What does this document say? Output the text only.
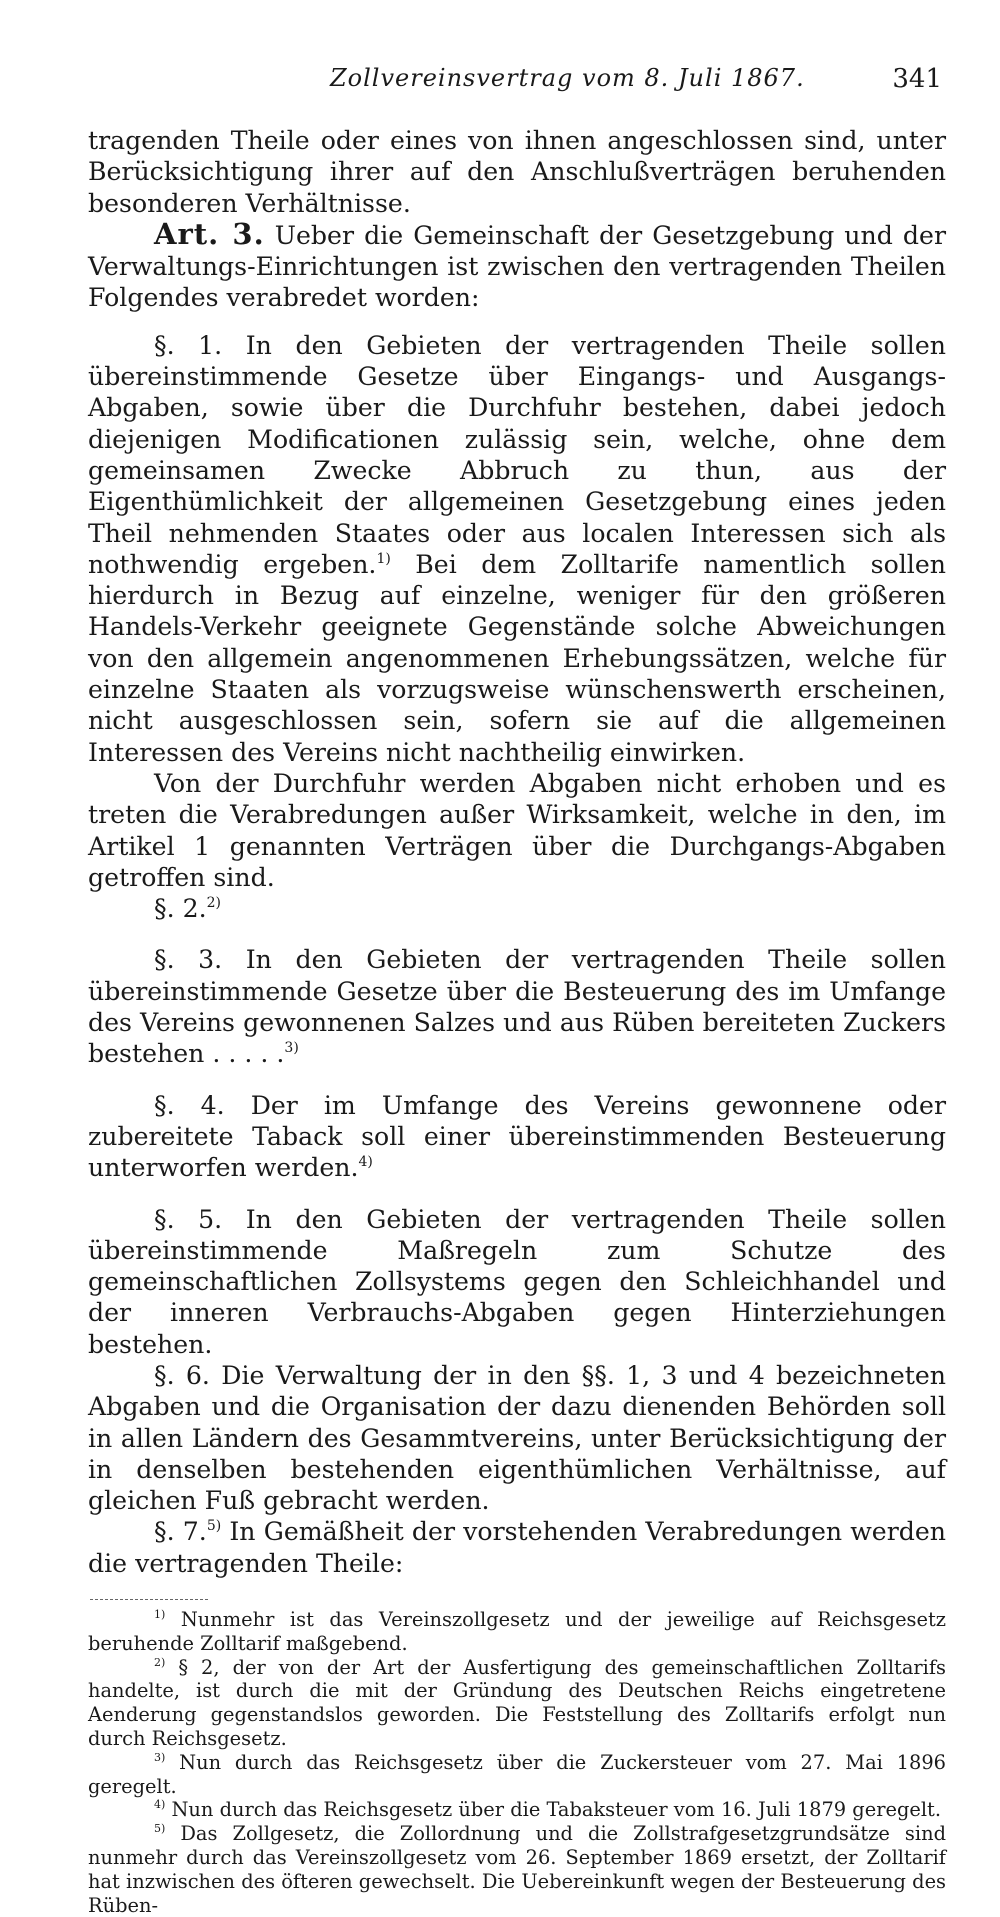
Zollvereinsvertrag vom 8. Juli 1867.	341

tragenden Theile oder eines von ihnen angeschlossen sind, unter Berücksichtigung ihrer auf den Anschlußverträgen beruhenden besonderen Verhältnisse.

Art. 3. Ueber die Gemeinschaft der Gesetzgebung und der Verwaltungs-Einrichtungen ist zwischen den vertragenden Theilen Folgendes verabredet worden:

§. 1. In den Gebieten der vertragenden Theile sollen übereinstimmende Gesetze über Eingangs- und Ausgangs-Abgaben, sowie über die Durchfuhr bestehen, dabei jedoch diejenigen Modificationen zulässig sein, welche, ohne dem gemeinsamen Zwecke Abbruch zu thun, aus der Eigenthümlichkeit der allgemeinen Gesetzgebung eines jeden Theil nehmenden Staates oder aus localen Interessen sich als nothwendig ergeben.$^{1)}$ Bei dem Zolltarife namentlich sollen hierdurch in Bezug auf einzelne, weniger für den größeren Handels-Verkehr geeignete Gegenstände solche Abweichungen von den allgemein angenommenen Erhebungssätzen, welche für einzelne Staaten als vorzugsweise wünschenswerth erscheinen, nicht ausgeschlossen sein, sofern sie auf die allgemeinen Interessen des Vereins nicht nachtheilig einwirken.

Von der Durchfuhr werden Abgaben nicht erhoben und es treten die Verabredungen außer Wirksamkeit, welche in den, im Artikel 1 genannten Verträgen über die Durchgangs-Abgaben getroffen sind.

§. 2.$^{2)}$

§. 3. In den Gebieten der vertragenden Theile sollen übereinstimmende Gesetze über die Besteuerung des im Umfange des Vereins gewonnenen Salzes und aus Rüben bereiteten Zuckers bestehen . . . . .$^{3)}$

§. 4. Der im Umfange des Vereins gewonnene oder zubereitete Taback soll einer übereinstimmenden Besteuerung unterworfen werden.$^{4)}$

§. 5. In den Gebieten der vertragenden Theile sollen übereinstimmende Maßregeln zum Schutze des gemeinschaftlichen Zollsystems gegen den Schleichhandel und der inneren Verbrauchs-Abgaben gegen Hinterziehungen bestehen.

§. 6. Die Verwaltung der in den §§. 1, 3 und 4 bezeichneten Abgaben und die Organisation der dazu dienenden Behörden soll in allen Ländern des Gesammtvereins, unter Berücksichtigung der in denselben bestehenden eigenthümlichen Verhältnisse, auf gleichen Fuß gebracht werden.

§. 7.$^{5)}$ In Gemäßheit der vorstehenden Verabredungen werden die vertragenden Theile:

$^{1)}$ Nunmehr ist das Vereinszollgesetz und der jeweilige auf Reichsgesetz beruhende Zolltarif maßgebend.

$^{2)}$ § 2, der von der Art der Ausfertigung des gemeinschaftlichen Zolltarifs handelte, ist durch die mit der Gründung des Deutschen Reichs eingetretene Aenderung gegenstandslos geworden. Die Feststellung des Zolltarifs erfolgt nun durch Reichsgesetz.

$^{3)}$ Nun durch das Reichsgesetz über die Zuckersteuer vom 27. Mai 1896 geregelt.

$^{4)}$ Nun durch das Reichsgesetz über die Tabaksteuer vom 16. Juli 1879 geregelt.

$^{5)}$ Das Zollgesetz, die Zollordnung und die Zollstrafgesetzgrundsätze sind nunmehr durch das Vereinszollgesetz vom 26. September 1869 ersetzt, der Zolltarif hat inzwischen des öfteren gewechselt. Die Uebereinkunft wegen der Besteuerung des Rüben-
